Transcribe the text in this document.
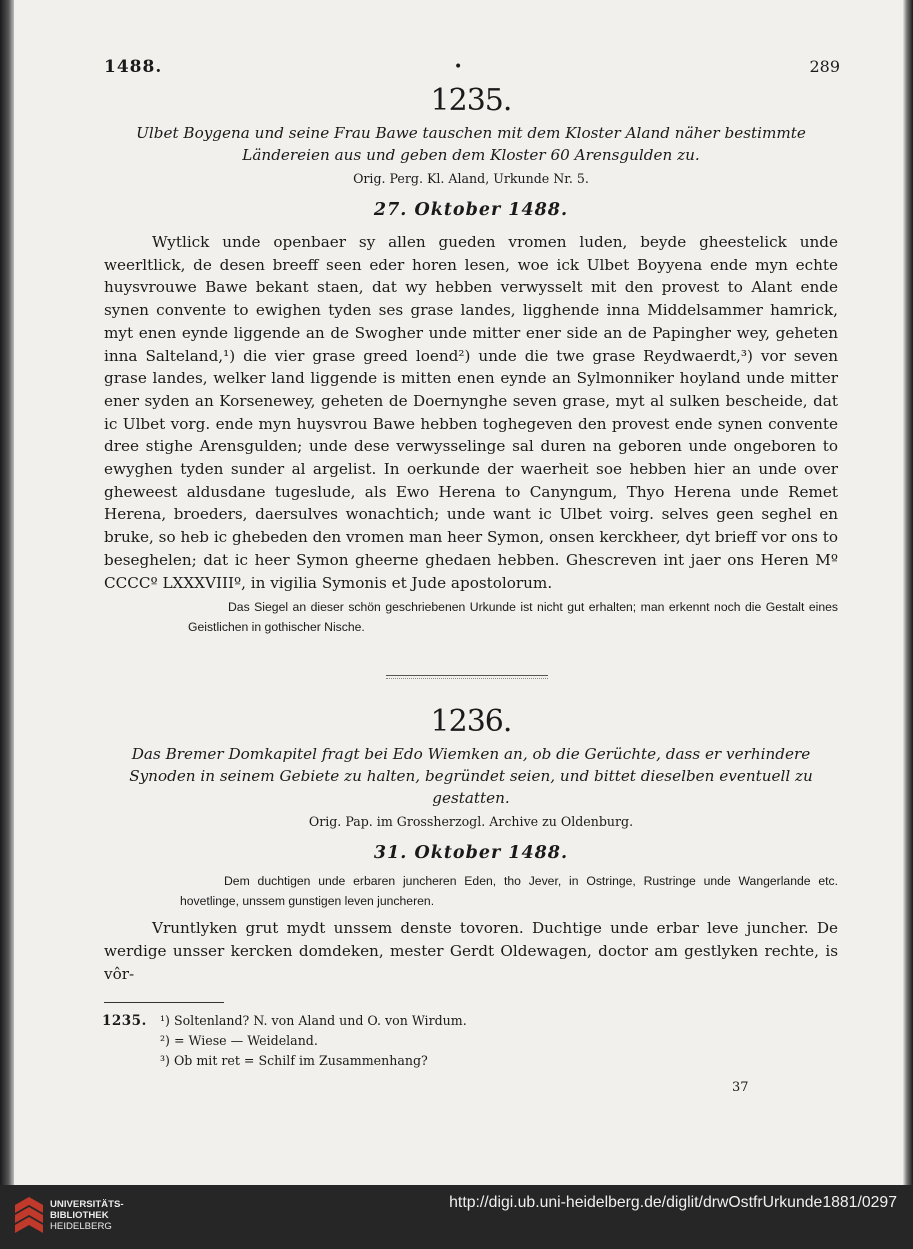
1488.	•	289
1235.
Ulbet Boygena und seine Frau Bawe tauschen mit dem Kloster Aland näher bestimmte Ländereien aus und geben dem Kloster 60 Arensgulden zu.
Orig. Perg. Kl. Aland, Urkunde Nr. 5.
27. Oktober 1488.

Wytlick unde openbaer sy allen gueden vromen luden, beyde gheestelick unde weerltlick, de desen breeff seen eder horen lesen, woe ick Ulbet Boyyena ende myn echte huysvrouwe Bawe bekant staen, dat wy hebben verwysselt mit den provest to Alant ende synen convente to ewighen tyden ses grase landes, ligghende inna Middelsammer hamrick, myt enen eynde liggende an de Swogher unde mitter ener side an de Papingher wey, geheten inna Salteland,¹) die vier grase greed loend²) unde die twe grase Reydwaerdt,³) vor seven grase landes, welker land liggende is mitten enen eynde an Sylmonniker hoyland unde mitter ener syden an Korsenewey, geheten de Doernynghe seven grase, myt al sulken bescheide, dat ic Ulbet vorg. ende myn huysvrou Bawe hebben toghegeven den provest ende synen convente dree stighe Arensgulden; unde dese verwysselinge sal duren na geboren unde ongeboren to ewyghen tyden sunder al argelist. In oerkunde der waerheit soe hebben hier an unde over gheweest aldusdane tugeslude, als Ewo Herena to Canyngum, Thyo Herena unde Remet Herena, broeders, daersulves wonachtich; unde want ic Ulbet voirg. selves geen seghel en bruke, so heb ic ghebeden den vromen man heer Symon, onsen kerckheer, dyt brieff vor ons to beseghelen; dat ic heer Symon gheerne ghedaen hebben. Ghescreven int jaer ons Heren Mº CCCCº LXXXVIIIº, in vigilia Symonis et Jude apostolorum.

Das Siegel an dieser schön geschriebenen Urkunde ist nicht gut erhalten; man erkennt noch die Gestalt eines Geistlichen in gothischer Nische.
1236.
Das Bremer Domkapitel fragt bei Edo Wiemken an, ob die Gerüchte, dass er verhindere Synoden in seinem Gebiete zu halten, begründet seien, und bittet dieselben eventuell zu gestatten.
Orig. Pap. im Grossherzogl. Archive zu Oldenburg.
31. Oktober 1488.
Dem duchtigen unde erbaren juncheren Eden, tho Jever, in Ostringe, Rustringe unde Wangerlande etc. hovetlinge, unssem gunstigen leven juncheren.

Vruntlyken grut mydt unssem denste tovoren. Duchtige unde erbar leve juncher. De werdige unsser kercken domdeken, mester Gerdt Oldewagen, doctor am gestlyken rechte, is vôr-

1235.	¹) Soltenland? N. von Aland und O. von Wirdum.
²) = Wiese — Weideland.
³) Ob mit ret = Schilf im Zusammenhang?
37
UNIVERSITÄTS-
BIBLIOTHEK
HEIDELBERG
http://digi.ub.uni-heidelberg.de/diglit/drwOstfrUrkunde1881/0297
